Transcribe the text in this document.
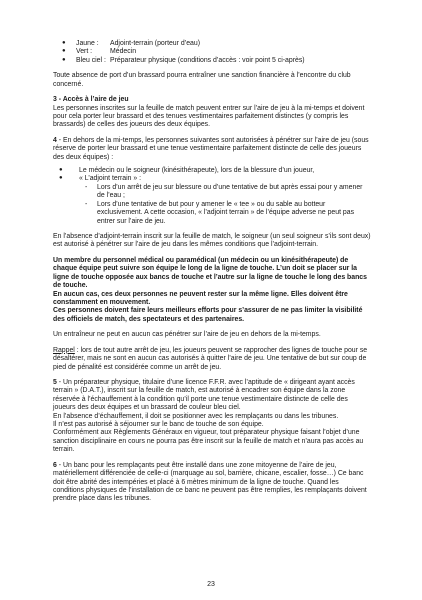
●	Jaune : Adjoint-terrain (porteur d’eau)
●	Vert :	Médecin
●	Bleu ciel : Préparateur physique (conditions d’accès : voir point 5 ci-après)

Toute absence de port d’un brassard pourra entraîner une sanction financière à l’encontre du club concerné.

3 - Accès à l’aire de jeu

Les personnes inscrites sur la feuille de match peuvent entrer sur l’aire de jeu à la mi-temps et doivent pour cela porter leur brassard et des tenues vestimentaires parfaitement distinctes (y compris les brassards) de celles des joueurs des deux équipes.

4 - En dehors de la mi-temps, les personnes suivantes sont autorisées à pénétrer sur l’aire de jeu (sous réserve de porter leur brassard et une tenue vestimentaire parfaitement distincte de celle des joueurs des deux équipes) :

●	Le médecin ou le soigneur (kinésithérapeute), lors de la blessure d’un joueur,
●	« L’adjoint terrain » :
-	Lors d’un arrêt de jeu sur blessure ou d’une tentative de but après essai pour y amener de l’eau ;
-	Lors d’une tentative de but pour y amener le « tee » ou du sable au botteur exclusivement. A cette occasion, « l’adjoint terrain » de l’équipe adverse ne peut pas entrer sur l’aire de jeu.

En l’absence d’adjoint-terrain inscrit sur la feuille de match, le soigneur (un seul soigneur s’ils sont deux) est autorisé à pénétrer sur l’aire de jeu dans les mêmes conditions que l’adjoint-terrain.

Un membre du personnel médical ou paramédical (un médecin ou un kinésithérapeute) de chaque équipe peut suivre son équipe le long de la ligne de touche. L’un doit se placer sur la ligne de touche opposée aux bancs de touche et l’autre sur la ligne de touche le long des bancs de touche.

En aucun cas, ces deux personnes ne peuvent rester sur la même ligne. Elles doivent être constamment en mouvement.

Ces personnes doivent faire leurs meilleurs efforts pour s’assurer de ne pas limiter la visibilité des officiels de match, des spectateurs et des partenaires.

Un entraîneur ne peut en aucun cas pénétrer sur l’aire de jeu en dehors de la mi-temps.

Rappel : lors de tout autre arrêt de jeu, les joueurs peuvent se rapprocher des lignes de touche pour se désaltérer, mais ne sont en aucun cas autorisés à quitter l’aire de jeu. Une tentative de but sur coup de pied de pénalité est considérée comme un arrêt de jeu.

5 - Un préparateur physique, titulaire d’une licence F.F.R. avec l’aptitude de « dirigeant ayant accès terrain » (D.A.T.), inscrit sur la feuille de match, est autorisé à encadrer son équipe dans la zone réservée à l’échauffement à la condition qu’il porte une tenue vestimentaire distincte de celle des joueurs des deux équipes et un brassard de couleur bleu ciel.

En l’absence d’échauffement, il doit se positionner avec les remplaçants ou dans les tribunes.

Il n’est pas autorisé à séjourner sur le banc de touche de son équipe.

Conformément aux Règlements Généraux en vigueur, tout préparateur physique faisant l’objet d’une sanction disciplinaire en cours ne pourra pas être inscrit sur la feuille de match et n’aura pas accès au terrain.

6 - Un banc pour les remplaçants peut être installé dans une zone mitoyenne de l’aire de jeu, matériellement différenciée de celle-ci (marquage au sol, barrière, chicane, escalier, fosse…) Ce banc doit être abrité des intempéries et placé à 6 mètres minimum de la ligne de touche. Quand les conditions physiques de l’installation de ce banc ne peuvent pas être remplies, les remplaçants doivent prendre place dans les tribunes.

23
